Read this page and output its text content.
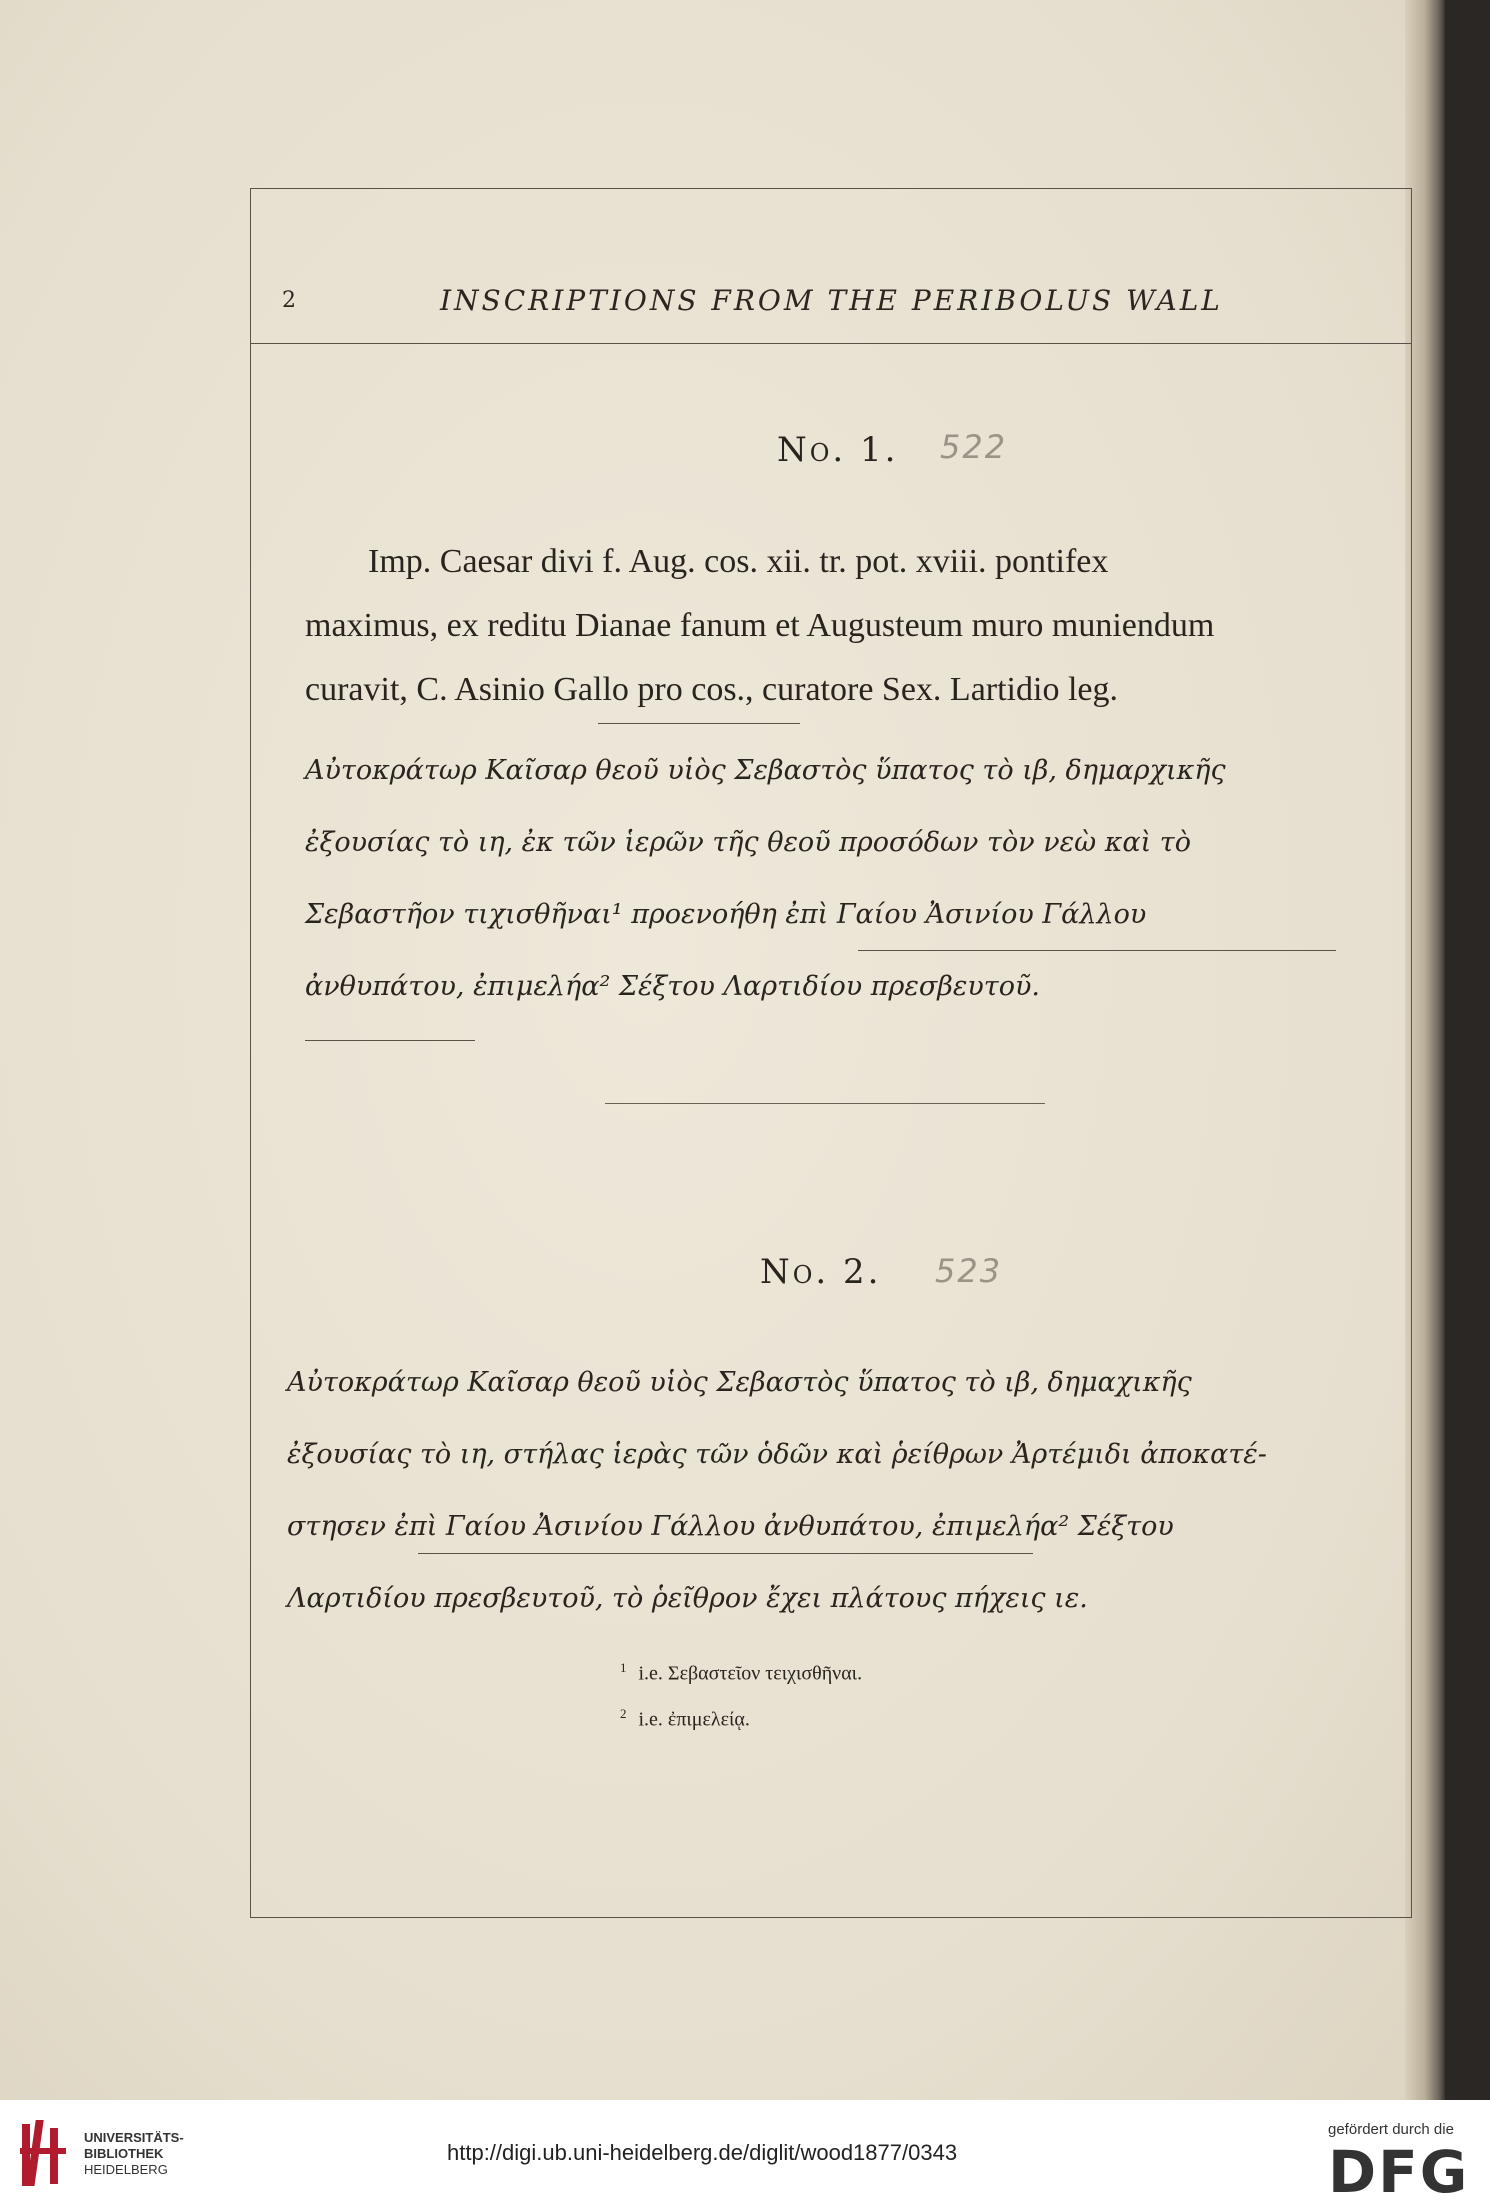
2	INSCRIPTIONS FROM THE PERIBOLUS WALL
No. 1. 522
Imp. Caesar divi f. Aug. cos. xii. tr. pot. xviii. pontifex
maximus, ex reditu Dianae fanum et Augusteum muro muniendum
curavit, C. Asinio Gallo pro cos., curatore Sex. Lartidio leg.
Αὐτοκράτωρ Καῖσαρ θεοῦ υἱὸς Σεβαστὸς ὕπατος τὸ ιβ, δημαρχικῆς
ἐξουσίας τὸ ιη, ἐκ τῶν ἱερῶν τῆς θεοῦ προσόδων τὸν νεὼ καὶ τὸ
Σεβαστῆον τιχισθῆναι¹ προενοήθη ἐπὶ Γαίου Ἀσινίου Γάλλου
ἀνθυπάτου, ἐπιμελήα² Σέξτου Λαρτιδίου πρεσβευτοῦ.
No. 2. 523
Αὐτοκράτωρ Καῖσαρ θεοῦ υἱὸς Σεβαστὸς ὕπατος τὸ ιβ, δημαχικῆς
ἐξουσίας τὸ ιη, στήλας ἱερὰς τῶν ὁδῶν καὶ ῥείθρων Ἀρτέμιδι ἀποκατέ-
στησεν ἐπὶ Γαίου Ἀσινίου Γάλλου ἀνθυπάτου, ἐπιμελήα² Σέξτου
Λαρτιδίου πρεσβευτοῦ, τὸ ῥεῖθρον ἔχει πλάτους πήχεις ιε.
$^1$ i.e. Σεβαστεῖον τειχισθῆναι.
$^2$ i.e. ἐπιμελείᾳ.
UNIVERSITÄTS-
BIBLIOTHEK
HEIDELBERG
http://digi.ub.uni-heidelberg.de/diglit/wood1877/0343
gefördert durch die
DFG
